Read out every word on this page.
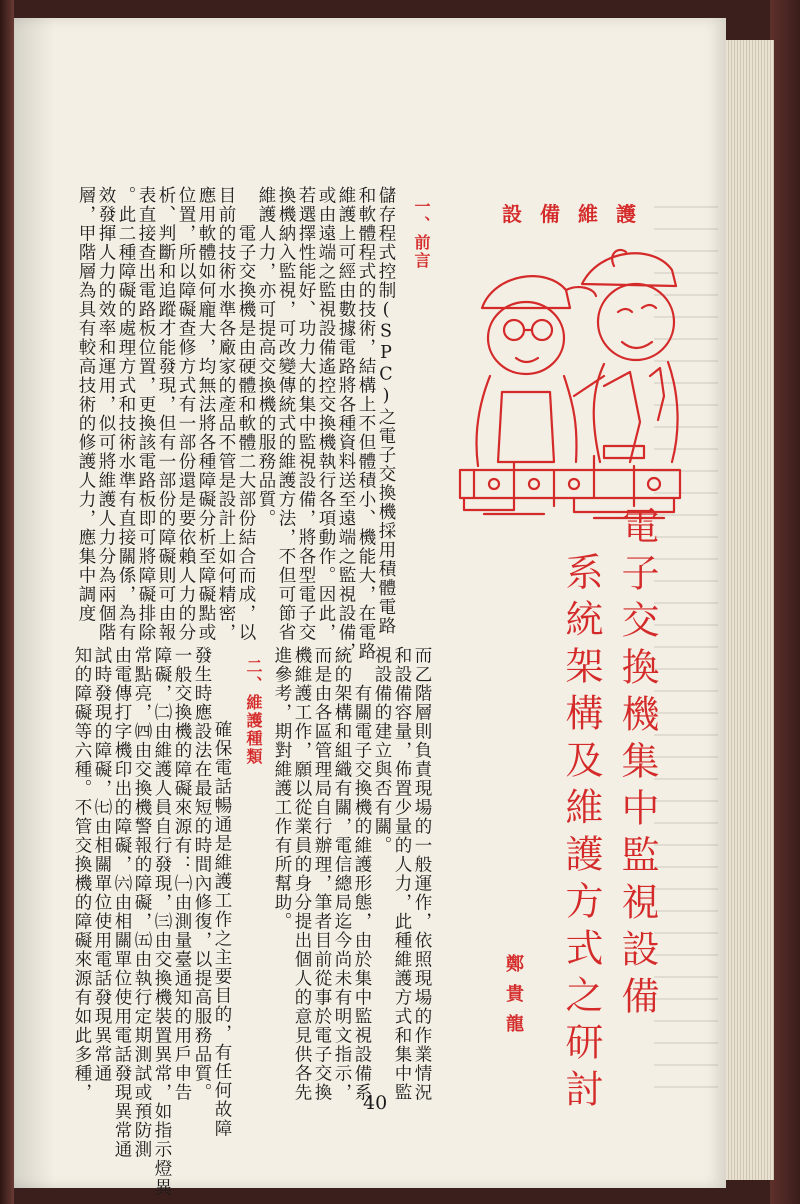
儲存程式控制(SPC)之電子交換機採用積體電路
和軟體程式的技術，結構上不但體積小、機能大，在電路
維護上可經由數據電路將各種資料送至遠端之監視設備，
或由遠端之監視設備遙控交換機執行各項動作。因此，
若選擇性能好、功力大的集中監視設備，將各型電子交
換機納入監視，可改變傳統式的維護方法，不但可節省
維護人力，亦可提高交換機的服務品質。
　　電子交換機是由硬體和軟體二大部份結合而成，以
目前的技術水準各廠家的產品不管是設計上如何精密，
應用軟體如何龐大，均無法將各種障礙分析至障礙點或
位置，所以障礙查修方式有一部份還是要依賴人力的分
析、判斷和追蹤才能發現，但有一部份的障礙則可由報
表直接查出電路板位置，更換該電路板即可將障礙排除
。此二種障礙的處理方式和技術水準有直接關係，為有
效發揮人力的效率和運用，似可將維護人力分為兩個階
層，甲階層為具有較高技術的修護人力，應集中調度	一、前言	設備維護
電子交換機集中監視設備
系統架構及維護方式之研討
鄭貴龍
而乙階層則負責現場的一般運作，依照現場的作業情況
和設備容量，佈置少量的人力，此種維護方式和集中監
視設備的建立與否有關。
　　有關電子交換機的維護形態，由於集中監視設備系
統的架構和組織有關，電信總局迄今尚未有明文指示，
而是由各區管理局自行辦理，筆者目前從事於電子交換
機維護工作，願以從業員的身分提出個人的意見供各先
進參考，期對維護工作有所幫助。
　　確保電話暢通是維護工作之主要目的，有任何故障
發生時應設法在最短的時間內修復，以提高服務品質。
一般交換機的障礙來源有：㈠由測量臺通知的用戶申告
障礙，㈡由維護人員自行發現，㈢由交換機裝置異常，如指示燈異
常點亮，㈣由交換機警報的障礙，㈤由執行定期測試或預防測
由電傳打字機印出的障礙，㈥由相關單位使用電話發現異常通
試時發現的障礙，㈦由相關單位使用電話發現異常通
知的障礙等六種。不管交換機的障礙來源有如此多種，	二、維護種類
40
